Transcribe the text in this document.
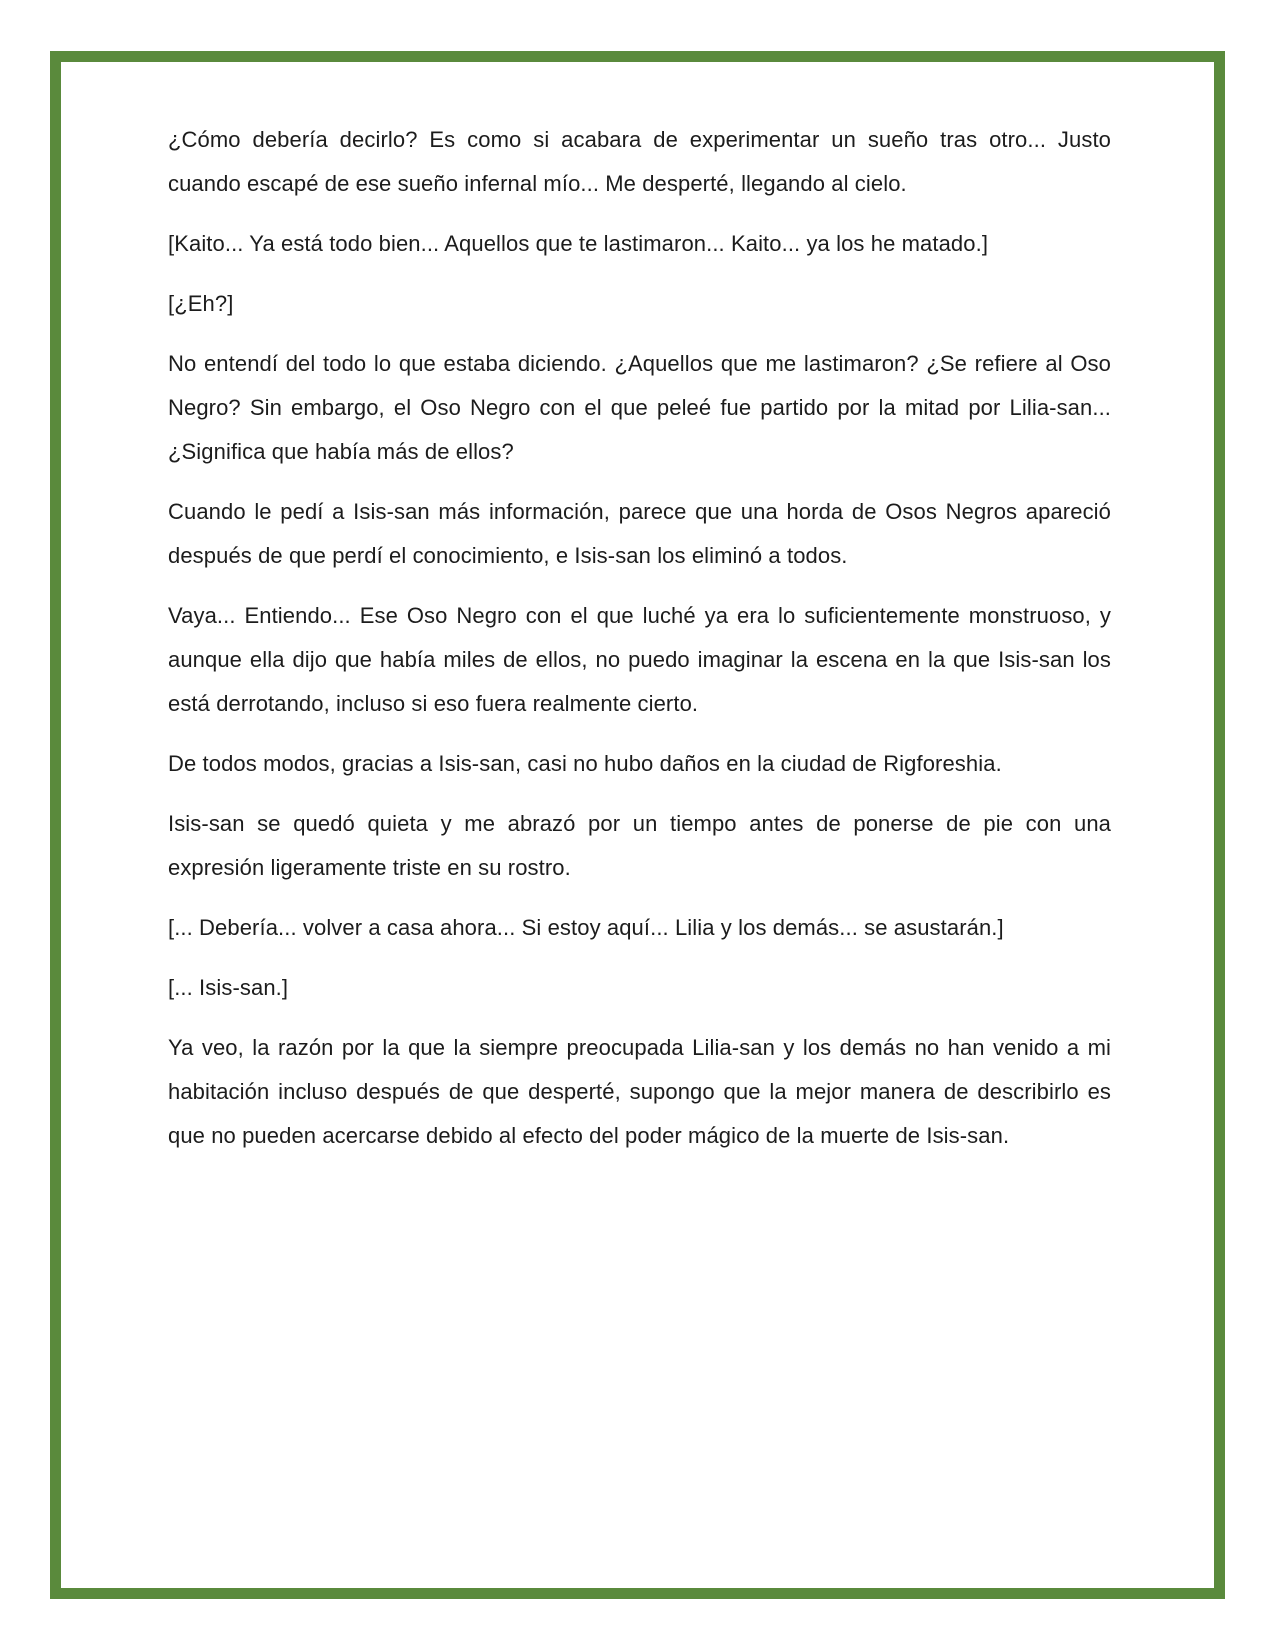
¿Cómo debería decirlo? Es como si acabara de experimentar un sueño tras otro... Justo cuando escapé de ese sueño infernal mío... Me desperté, llegando al cielo.

[Kaito... Ya está todo bien... Aquellos que te lastimaron... Kaito... ya los he matado.]

[¿Eh?]

No entendí del todo lo que estaba diciendo. ¿Aquellos que me lastimaron? ¿Se refiere al Oso Negro? Sin embargo, el Oso Negro con el que peleé fue partido por la mitad por Lilia-san... ¿Significa que había más de ellos?

Cuando le pedí a Isis-san más información, parece que una horda de Osos Negros apareció después de que perdí el conocimiento, e Isis-san los eliminó a todos.

Vaya... Entiendo... Ese Oso Negro con el que luché ya era lo suficientemente monstruoso, y aunque ella dijo que había miles de ellos, no puedo imaginar la escena en la que Isis-san los está derrotando, incluso si eso fuera realmente cierto.

De todos modos, gracias a Isis-san, casi no hubo daños en la ciudad de Rigforeshia.

Isis-san se quedó quieta y me abrazó por un tiempo antes de ponerse de pie con una expresión ligeramente triste en su rostro.

[... Debería... volver a casa ahora... Si estoy aquí... Lilia y los demás... se asustarán.]

[... Isis-san.]

Ya veo, la razón por la que la siempre preocupada Lilia-san y los demás no han venido a mi habitación incluso después de que desperté, supongo que la mejor manera de describirlo es que no pueden acercarse debido al efecto del poder mágico de la muerte de Isis-san.
